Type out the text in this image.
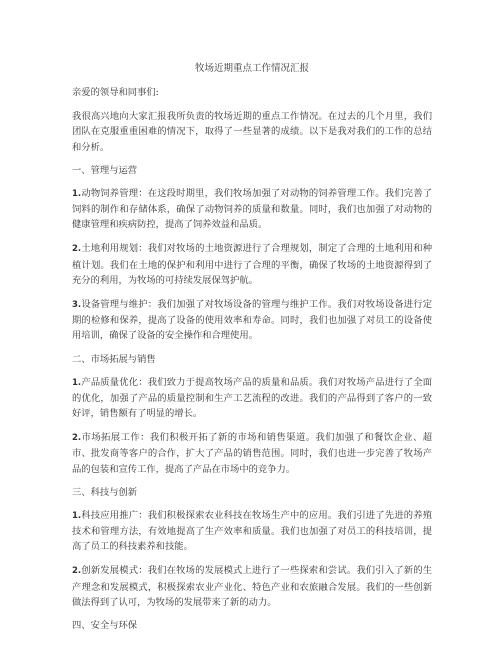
牧场近期重点工作情况汇报
亲爱的领导和同事们:
我很高兴地向大家汇报我所负责的牧场近期的重点工作情况。在过去的几个月里，我们团队在克服重重困难的情况下，取得了一些显著的成绩。以下是我对我们的工作的总结和分析。
一、管理与运营
1.动物饲养管理：在这段时期里，我们牧场加强了对动物的饲养管理工作。我们完善了饲料的制作和存储体系，确保了动物饲养的质量和数量。同时，我们也加强了对动物的健康管理和疾病防控，提高了饲养效益和品质。
2.土地利用规划：我们对牧场的土地资源进行了合理规划，制定了合理的土地利用和种植计划。我们在土地的保护和利用中进行了合理的平衡，确保了牧场的土地资源得到了充分的利用，为牧场的可持续发展保驾护航。
3.设备管理与维护：我们加强了对牧场设备的管理与维护工作。我们对牧场设备进行定期的检修和保养，提高了设备的使用效率和寿命。同时，我们也加强了对员工的设备使用培训，确保了设备的安全操作和合理使用。
二、市场拓展与销售
1.产品质量优化：我们致力于提高牧场产品的质量和品质。我们对牧场产品进行了全面的优化，加强了产品的质量控制和生产工艺流程的改进。我们的产品得到了客户的一致好评，销售额有了明显的增长。
2.市场拓展工作：我们积极开拓了新的市场和销售渠道。我们加强了和餐饮企业、超市、批发商等客户的合作，扩大了产品的销售范围。同时，我们也进一步完善了牧场产品的包装和宣传工作，提高了产品在市场中的竞争力。
三、科技与创新
1.科技应用推广：我们积极探索农业科技在牧场生产中的应用。我们引进了先进的养殖技术和管理方法，有效地提高了生产效率和质量。我们也加强了对员工的科技培训，提高了员工的科技素养和技能。
2.创新发展模式：我们在牧场的发展模式上进行了一些探索和尝试。我们引入了新的生产理念和发展模式，积极探索农业产业化、特色产业和农旅融合发展。我们的一些创新做法得到了认可，为牧场的发展带来了新的动力。
四、安全与环保
